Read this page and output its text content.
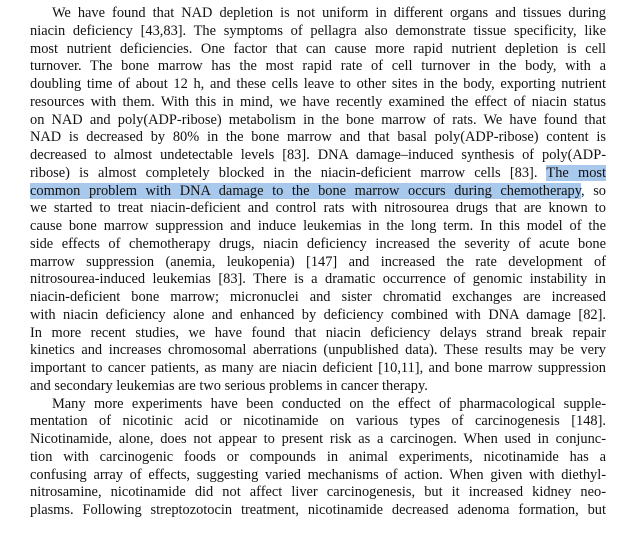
We have found that NAD depletion is not uniform in different organs and tissues during
niacin deficiency [43,83]. The symptoms of pellagra also demonstrate tissue specificity, like
most nutrient deficiencies. One factor that can cause more rapid nutrient depletion is cell
turnover. The bone marrow has the most rapid rate of cell turnover in the body, with a
doubling time of about 12 h, and these cells leave to other sites in the body, exporting nutrient
resources with them. With this in mind, we have recently examined the effect of niacin status
on NAD and poly(ADP-ribose) metabolism in the bone marrow of rats. We have found that
NAD is decreased by 80% in the bone marrow and that basal poly(ADP-ribose) content is
decreased to almost undetectable levels [83]. DNA damage–induced synthesis of poly(ADP-
ribose) is almost completely blocked in the niacin-deficient marrow cells [83]. The most
common problem with DNA damage to the bone marrow occurs during chemotherapy, so
we started to treat niacin-deficient and control rats with nitrosourea drugs that are known to
cause bone marrow suppression and induce leukemias in the long term. In this model of the
side effects of chemotherapy drugs, niacin deficiency increased the severity of acute bone
marrow suppression (anemia, leukopenia) [147] and increased the rate development of
nitrosourea-induced leukemias [83]. There is a dramatic occurrence of genomic instability in
niacin-deficient bone marrow; micronuclei and sister chromatid exchanges are increased
with niacin deficiency alone and enhanced by deficiency combined with DNA damage [82].
In more recent studies, we have found that niacin deficiency delays strand break repair
kinetics and increases chromosomal aberrations (unpublished data). These results may be very
important to cancer patients, as many are niacin deficient [10,11], and bone marrow suppression
and secondary leukemias are two serious problems in cancer therapy.
Many more experiments have been conducted on the effect of pharmacological supple-
mentation of nicotinic acid or nicotinamide on various types of carcinogenesis [148].
Nicotinamide, alone, does not appear to present risk as a carcinogen. When used in conjunc-
tion with carcinogenic foods or compounds in animal experiments, nicotinamide has a
confusing array of effects, suggesting varied mechanisms of action. When given with diethyl-
nitrosamine, nicotinamide did not affect liver carcinogenesis, but it increased kidney neo-
plasms. Following streptozotocin treatment, nicotinamide decreased adenoma formation, but
